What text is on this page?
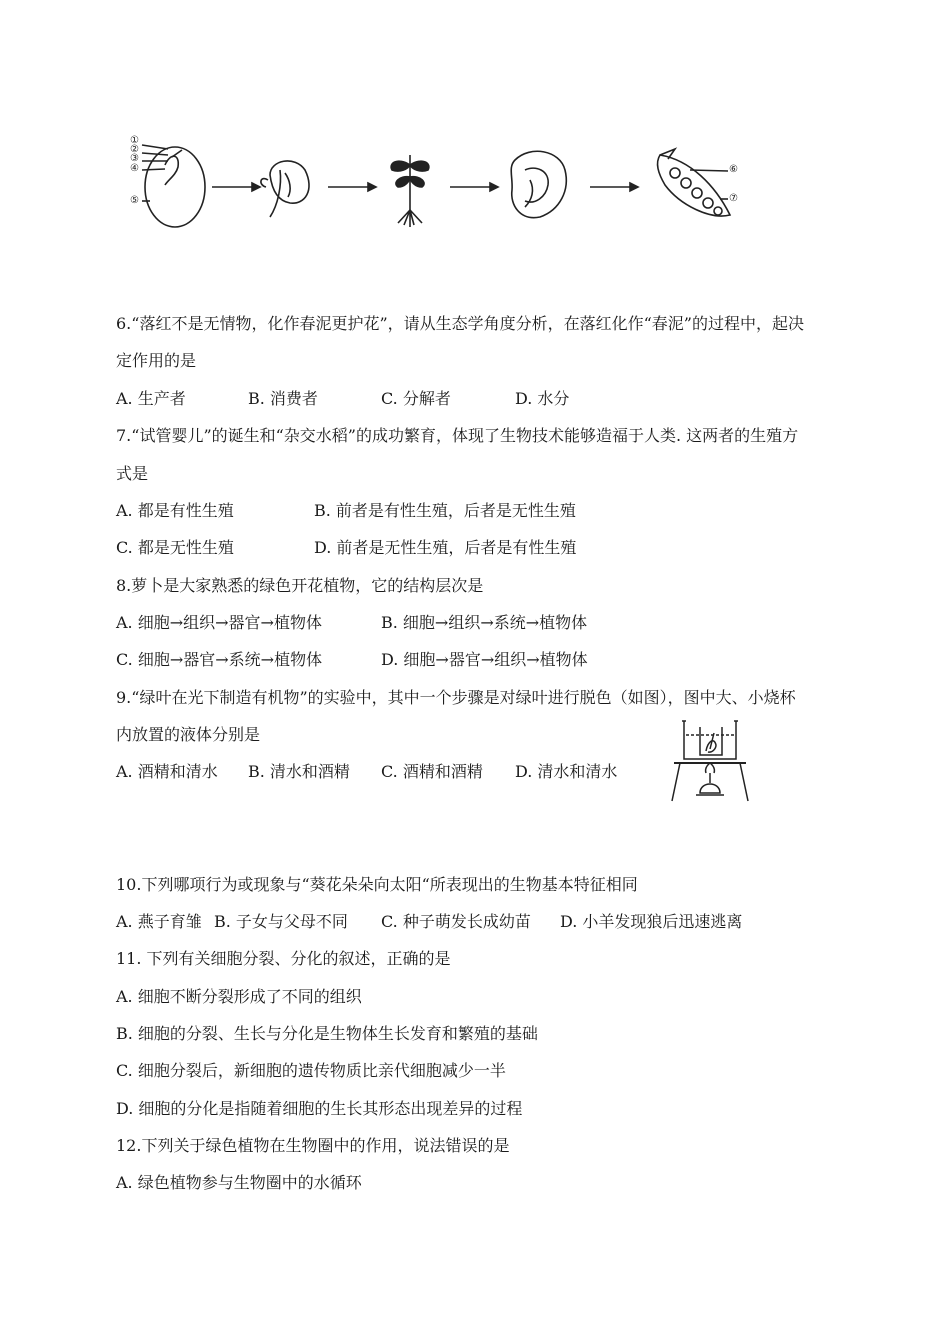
①
②
③
④
⑤
⑥
⑦
6.“落红不是无情物，化作春泥更护花”，请从生态学角度分析，在落红化作“春泥”的过程中，起决
定作用的是
A. 生产者	B. 消费者	C. 分解者	D. 水分
7.“试管婴儿”的诞生和“杂交水稻”的成功繁育，体现了生物技术能够造福于人类. 这两者的生殖方
式是
A. 都是有性生殖	B. 前者是有性生殖，后者是无性生殖
C. 都是无性生殖	D. 前者是无性生殖，后者是有性生殖
8.萝卜是大家熟悉的绿色开花植物，它的结构层次是
A. 细胞→组织→器官→植物体	B. 细胞→组织→系统→植物体
C. 细胞→器官→系统→植物体	D. 细胞→器官→组织→植物体
9.“绿叶在光下制造有机物”的实验中，其中一个步骤是对绿叶进行脱色（如图），图中大、小烧杯
内放置的液体分别是
A. 酒精和清水 B. 清水和酒精 C. 酒精和酒精 D. 清水和清水
10.下列哪项行为或现象与“葵花朵朵向太阳“所表现出的生物基本特征相同
A. 燕子育雏 B. 子女与父母不同 C. 种子萌发长成幼苗 D. 小羊发现狼后迅速逃离
11. 下列有关细胞分裂、分化的叙述，正确的是
A. 细胞不断分裂形成了不同的组织
B. 细胞的分裂、生长与分化是生物体生长发育和繁殖的基础
C. 细胞分裂后，新细胞的遗传物质比亲代细胞减少一半
D. 细胞的分化是指随着细胞的生长其形态出现差异的过程
12.下列关于绿色植物在生物圈中的作用，说法错误的是
A. 绿色植物参与生物圈中的水循环
